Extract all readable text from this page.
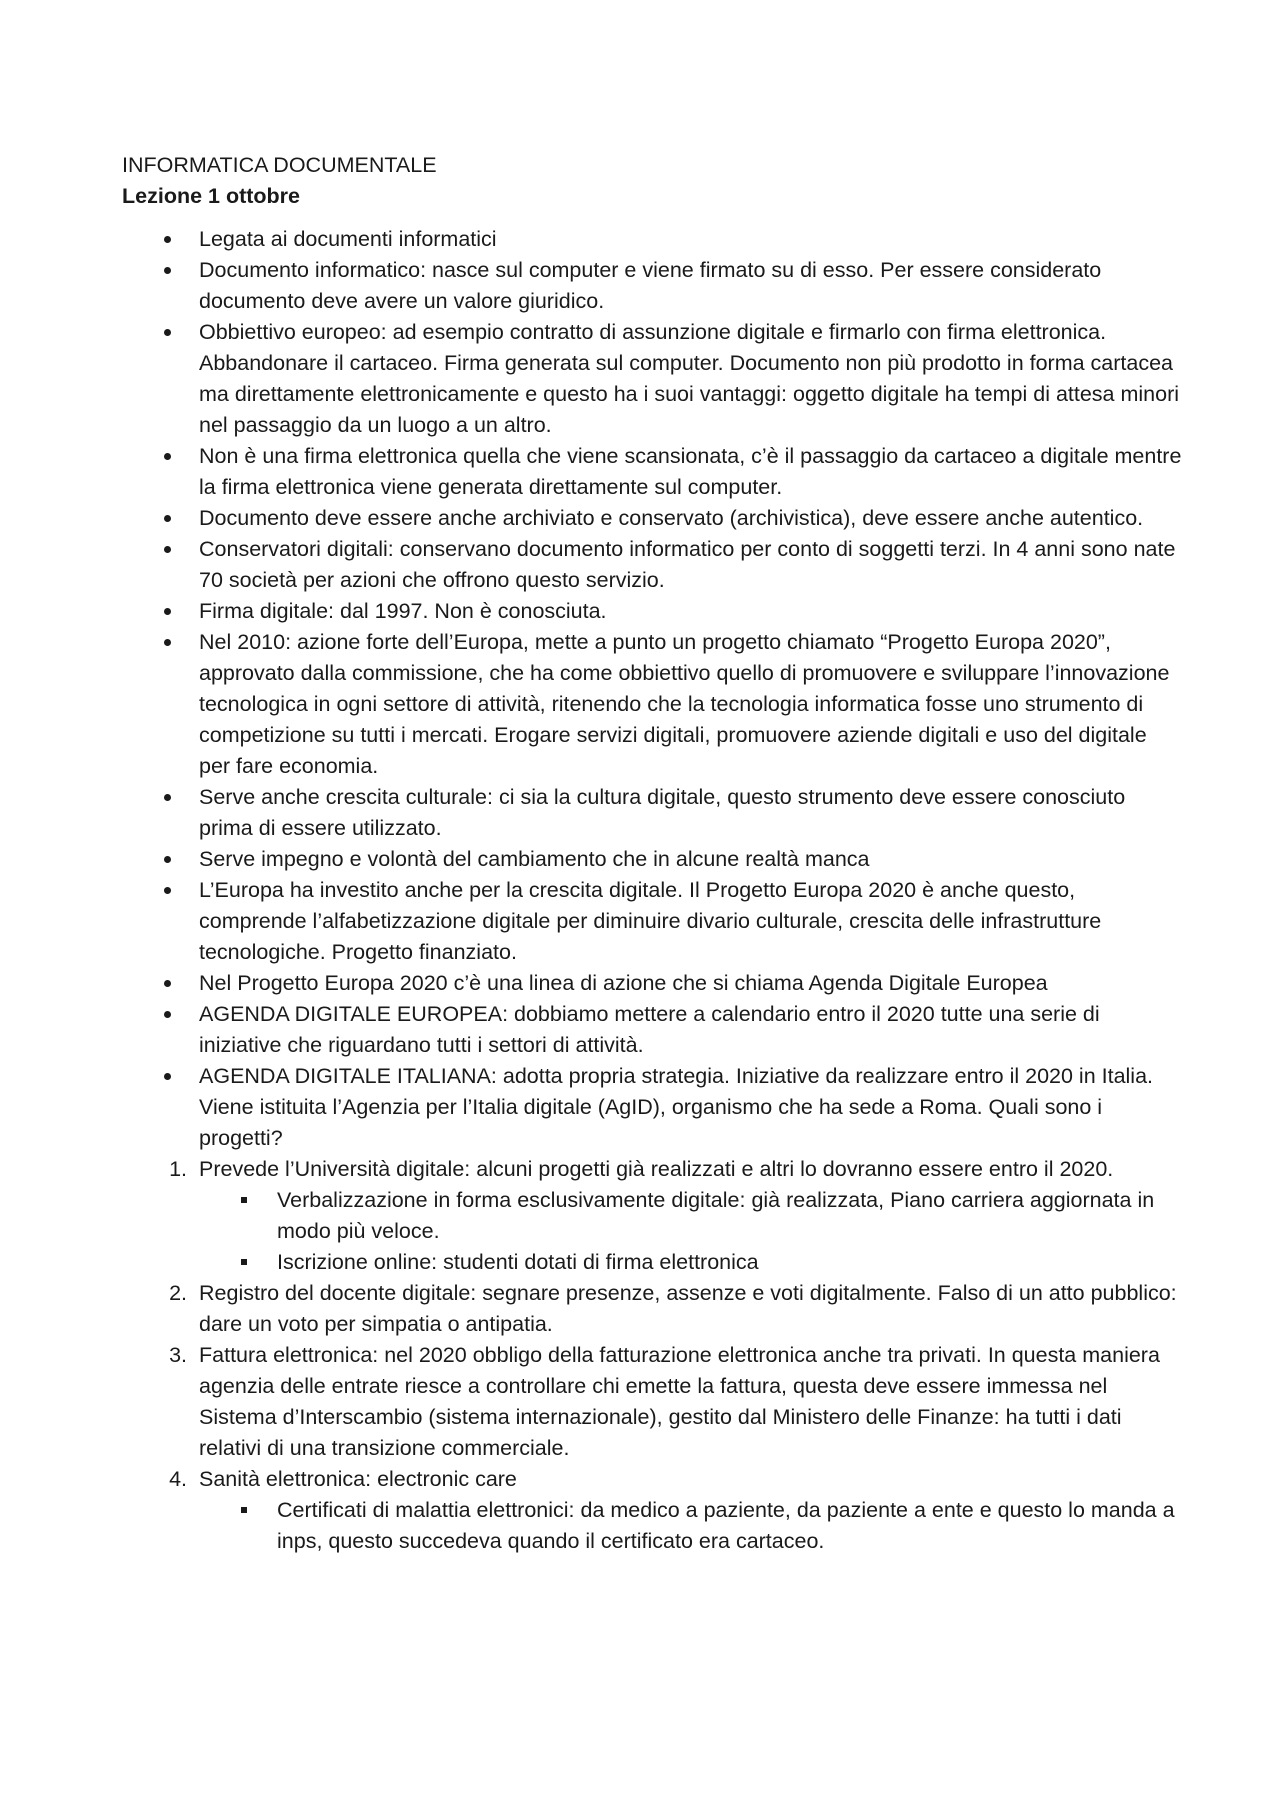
INFORMATICA DOCUMENTALE
Lezione 1 ottobre
Legata ai documenti informatici
Documento informatico: nasce sul computer e viene firmato su di esso. Per essere considerato documento deve avere un valore giuridico.
Obbiettivo europeo: ad esempio contratto di assunzione digitale e firmarlo con firma elettronica. Abbandonare il cartaceo. Firma generata sul computer. Documento non più prodotto in forma cartacea ma direttamente elettronicamente e questo ha i suoi vantaggi: oggetto digitale ha tempi di attesa minori nel passaggio da un luogo a un altro.
Non è una firma elettronica quella che viene scansionata, c’è il passaggio da cartaceo a digitale mentre la firma elettronica viene generata direttamente sul computer.
Documento deve essere anche archiviato e conservato (archivistica), deve essere anche autentico.
Conservatori digitali: conservano documento informatico per conto di soggetti terzi. In 4 anni sono nate 70 società per azioni che offrono questo servizio.
Firma digitale: dal 1997. Non è conosciuta.
Nel 2010: azione forte dell’Europa, mette a punto un progetto chiamato “Progetto Europa 2020”, approvato dalla commissione, che ha come obbiettivo quello di promuovere e sviluppare l’innovazione tecnologica in ogni settore di attività, ritenendo che la tecnologia informatica fosse uno strumento di competizione su tutti i mercati. Erogare servizi digitali, promuovere aziende digitali e uso del digitale per fare economia.
Serve anche crescita culturale: ci sia la cultura digitale, questo strumento deve essere conosciuto prima di essere utilizzato.
Serve impegno e volontà del cambiamento che in alcune realtà manca
L’Europa ha investito anche per la crescita digitale. Il Progetto Europa 2020 è anche questo, comprende l’alfabetizzazione digitale per diminuire divario culturale, crescita delle infrastrutture tecnologiche. Progetto finanziato.
Nel Progetto Europa 2020 c’è una linea di azione che si chiama Agenda Digitale Europea
AGENDA DIGITALE EUROPEA: dobbiamo mettere a calendario entro il 2020 tutte una serie di iniziative che riguardano tutti i settori di attività.
AGENDA DIGITALE ITALIANA: adotta propria strategia. Iniziative da realizzare entro il 2020 in Italia. Viene istituita l’Agenzia per l’Italia digitale (AgID), organismo che ha sede a Roma. Quali sono i progetti?
1. Prevede l’Università digitale: alcuni progetti già realizzati e altri lo dovranno essere entro il 2020.
Verbalizzazione in forma esclusivamente digitale: già realizzata, Piano carriera aggiornata in modo più veloce.
Iscrizione online: studenti dotati di firma elettronica
2. Registro del docente digitale: segnare presenze, assenze e voti digitalmente. Falso di un atto pubblico: dare un voto per simpatia o antipatia.
3. Fattura elettronica: nel 2020 obbligo della fatturazione elettronica anche tra privati. In questa maniera agenzia delle entrate riesce a controllare chi emette la fattura, questa deve essere immessa nel Sistema d’Interscambio (sistema internazionale), gestito dal Ministero delle Finanze: ha tutti i dati relativi di una transizione commerciale.
4. Sanità elettronica: electronic care
Certificati di malattia elettronici: da medico a paziente, da paziente a ente e questo lo manda a inps, questo succedeva quando il certificato era cartaceo.
